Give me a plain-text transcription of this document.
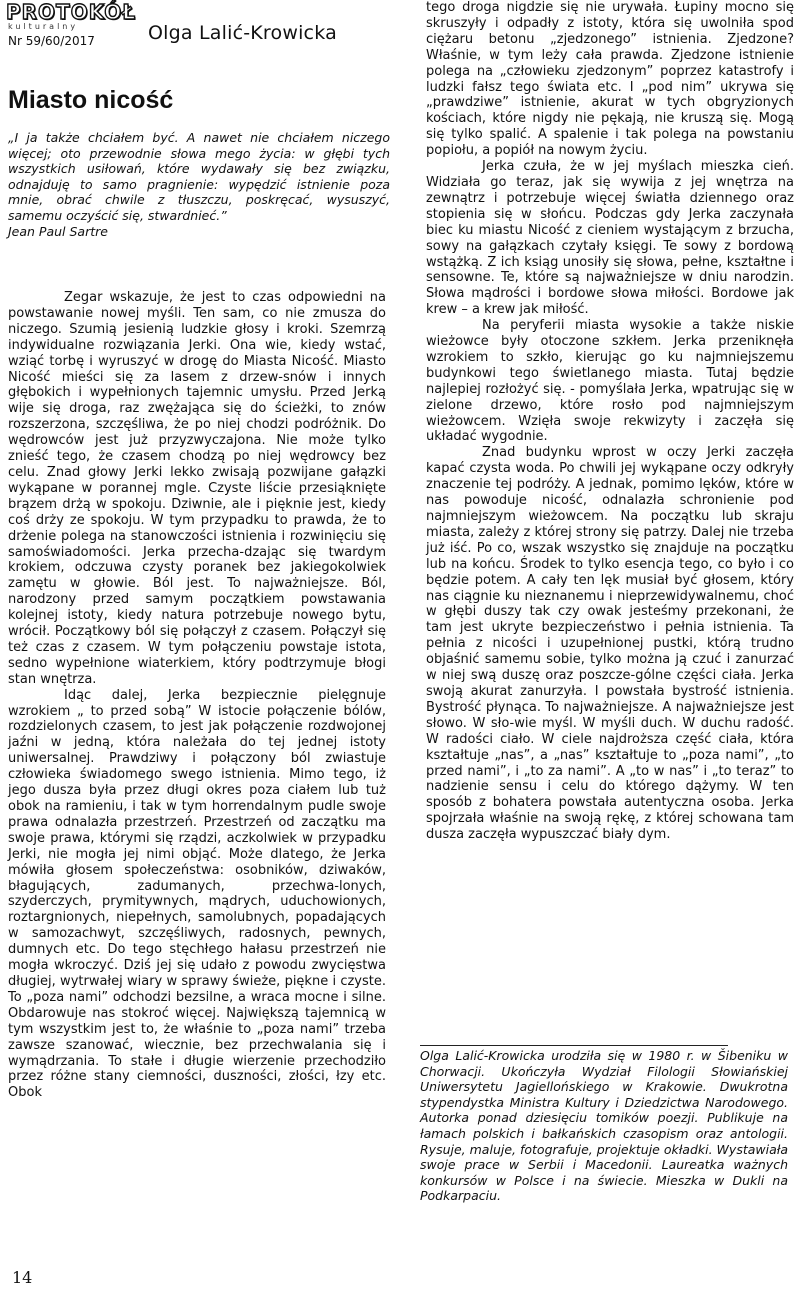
PROTOKÓŁ
kulturalny
Nr 59/60/2017	Olga Lalić-Krowicka
Miasto nicość
„I ja także chciałem być. A nawet nie chciałem niczego więcej; oto przewodnie słowa mego życia: w głębi tych wszystkich usiłowań, które wydawały się bez związku, odnajduję to samo pragnienie: wypędzić istnienie poza mnie, obrać chwile z tłuszczu, poskręcać, wysuszyć, samemu oczyścić się, stwardnieć.”
Jean Paul Sartre

Zegar wskazuje, że jest to czas odpowiedni na powstawanie nowej myśli. Ten sam, co nie zmusza do niczego. Szumią jesienią ludzkie głosy i kroki. Szemrzą indywidualne rozwiązania Jerki. Ona wie, kiedy wstać, wziąć torbę i wyruszyć w drogę do Miasta Nicość. Miasto Nicość mieści się za lasem z drzew-snów i innych głębokich i wypełnionych tajemnic umysłu. Przed Jerką wije się droga, raz zwężająca się do ścieżki, to znów rozszerzona, szczęśliwa, że po niej chodzi podróżnik. Do wędrowców jest już przyzwyczajona. Nie może tylko znieść tego, że czasem chodzą po niej wędrowcy bez celu. Znad głowy Jerki lekko zwisają pozwijane gałązki wykąpane w porannej mgle. Czyste liście przesiąknięte brązem drżą w spokoju. Dziwnie, ale i pięknie jest, kiedy coś drży ze spokoju. W tym przypadku to prawda, że to drżenie polega na stanowczości istnienia i rozwinięciu się samoświadomości. Jerka przecha-dzając się twardym krokiem, odczuwa czysty poranek bez jakiegokolwiek zamętu w głowie. Ból jest. To najważniejsze. Ból, narodzony przed samym początkiem powstawania kolejnej istoty, kiedy natura potrzebuje nowego bytu, wrócił. Początkowy ból się połączył z czasem. Połączył się też czas z czasem. W tym połączeniu powstaje istota, sedno wypełnione wiaterkiem, który podtrzymuje błogi stan wnętrza.

Idąc dalej, Jerka bezpiecznie pielęgnuje wzrokiem „ to przed sobą” W istocie połączenie bólów, rozdzielonych czasem, to jest jak połączenie rozdwojonej jaźni w jedną, która należała do tej jednej istoty uniwersalnej. Prawdziwy i połączony ból zwiastuje człowieka świadomego swego istnienia. Mimo tego, iż jego dusza była przez długi okres poza ciałem lub tuż obok na ramieniu, i tak w tym horrendalnym pudle swoje prawa odnalazła przestrzeń. Przestrzeń od zaczątku ma swoje prawa, którymi się rządzi, aczkolwiek w przypadku Jerki, nie mogła jej nimi objąć. Może dlatego, że Jerka mówiła głosem społeczeństwa: osobników, dziwaków, błagujących, zadumanych, przechwa-lonych, szyderczych, prymitywnych, mądrych, uduchowionych, roztargnionych, niepełnych, samolubnych, popadających w samozachwyt, szczęśliwych, radosnych, pewnych, dumnych etc. Do tego stęchłego hałasu przestrzeń nie mogła wkroczyć. Dziś jej się udało z powodu zwycięstwa długiej, wytrwałej wiary w sprawy świeże, piękne i czyste. To „poza nami” odchodzi bezsilne, a wraca mocne i silne. Obdarowuje nas stokroć więcej. Największą tajemnicą w tym wszystkim jest to, że właśnie to „poza nami” trzeba zawsze szanować, wiecznie, bez przechwalania się i wymądrzania. To stałe i długie wierzenie przechodziło przez różne stany ciemności, duszności, złości, łzy etc. Obok

tego droga nigdzie się nie urywała. Łupiny mocno się skruszyły i odpadły z istoty, która się uwolniła spod ciężaru betonu „zjedzonego” istnienia. Zjedzone? Właśnie, w tym leży cała prawda. Zjedzone istnienie polega na „człowieku zjedzonym” poprzez katastrofy i ludzki fałsz tego świata etc. I „pod nim” ukrywa się „prawdziwe” istnienie, akurat w tych obgryzionych kościach, które nigdy nie pękają, nie kruszą się. Mogą się tylko spalić. A spalenie i tak polega na powstaniu popiołu, a popiół na nowym życiu.

Jerka czuła, że w jej myślach mieszka cień. Widziała go teraz, jak się wywija z jej wnętrza na zewnątrz i potrzebuje więcej światła dziennego oraz stopienia się w słońcu. Podczas gdy Jerka zaczynała biec ku miastu Nicość z cieniem wystającym z brzucha, sowy na gałązkach czytały księgi. Te sowy z bordową wstążką. Z ich ksiąg unosiły się słowa, pełne, kształtne i sensowne. Te, które są najważniejsze w dniu narodzin. Słowa mądrości i bordowe słowa miłości. Bordowe jak krew – a krew jak miłość.

Na peryferii miasta wysokie a także niskie wieżowce były otoczone szkłem. Jerka przeniknęła wzrokiem to szkło, kierując go ku najmniejszemu budynkowi tego świetlanego miasta. Tutaj będzie najlepiej rozłożyć się. - pomyślała Jerka, wpatrując się w zielone drzewo, które rosło pod najmniejszym wieżowcem. Wzięła swoje rekwizyty i zaczęła się układać wygodnie.

Znad budynku wprost w oczy Jerki zaczęła kapać czysta woda. Po chwili jej wykąpane oczy odkryły znaczenie tej podróży. A jednak, pomimo lęków, które w nas powoduje nicość, odnalazła schronienie pod najmniejszym wieżowcem. Na początku lub skraju miasta, zależy z której strony się patrzy. Dalej nie trzeba już iść. Po co, wszak wszystko się znajduje na początku lub na końcu. Środek to tylko esencja tego, co było i co będzie potem. A cały ten lęk musiał być głosem, który nas ciągnie ku nieznanemu i nieprzewidywalnemu, choć w głębi duszy tak czy owak jesteśmy przekonani, że tam jest ukryte bezpieczeństwo i pełnia istnienia. Ta pełnia z nicości i uzupełnionej pustki, którą trudno objaśnić samemu sobie, tylko można ją czuć i zanurzać w niej swą duszę oraz poszcze-gólne części ciała. Jerka swoją akurat zanurzyła. I powstała bystrość istnienia. Bystrość płynąca. To najważniejsze. A najważniejsze jest słowo. W sło-wie myśl. W myśli duch. W duchu radość. W radości ciało. W ciele najdroższa część ciała, która kształtuje „nas”, a „nas” kształtuje to „poza nami”, „to przed nami”, i „to za nami”. A „to w nas” i „to teraz” to nadzienie sensu i celu do którego dążymy. W ten sposób z bohatera powstała autentyczna osoba. Jerka spojrzała właśnie na swoją rękę, z której schowana tam dusza zaczęła wypuszczać biały dym.

Olga Lalić-Krowicka urodziła się w 1980 r. w Šibeniku w Chorwacji. Ukończyła Wydział Filologii Słowiańskiej Uniwersytetu Jagiellońskiego w Krakowie. Dwukrotna stypendystka Ministra Kultury i Dziedzictwa Narodowego. Autorka ponad dziesięciu tomików poezji. Publikuje na łamach polskich i bałkańskich czasopism oraz antologii. Rysuje, maluje, fotografuje, projektuje okładki. Wystawiała swoje prace w Serbii i Macedonii. Laureatka ważnych konkursów w Polsce i na świecie. Mieszka w Dukli na Podkarpaciu.
14
